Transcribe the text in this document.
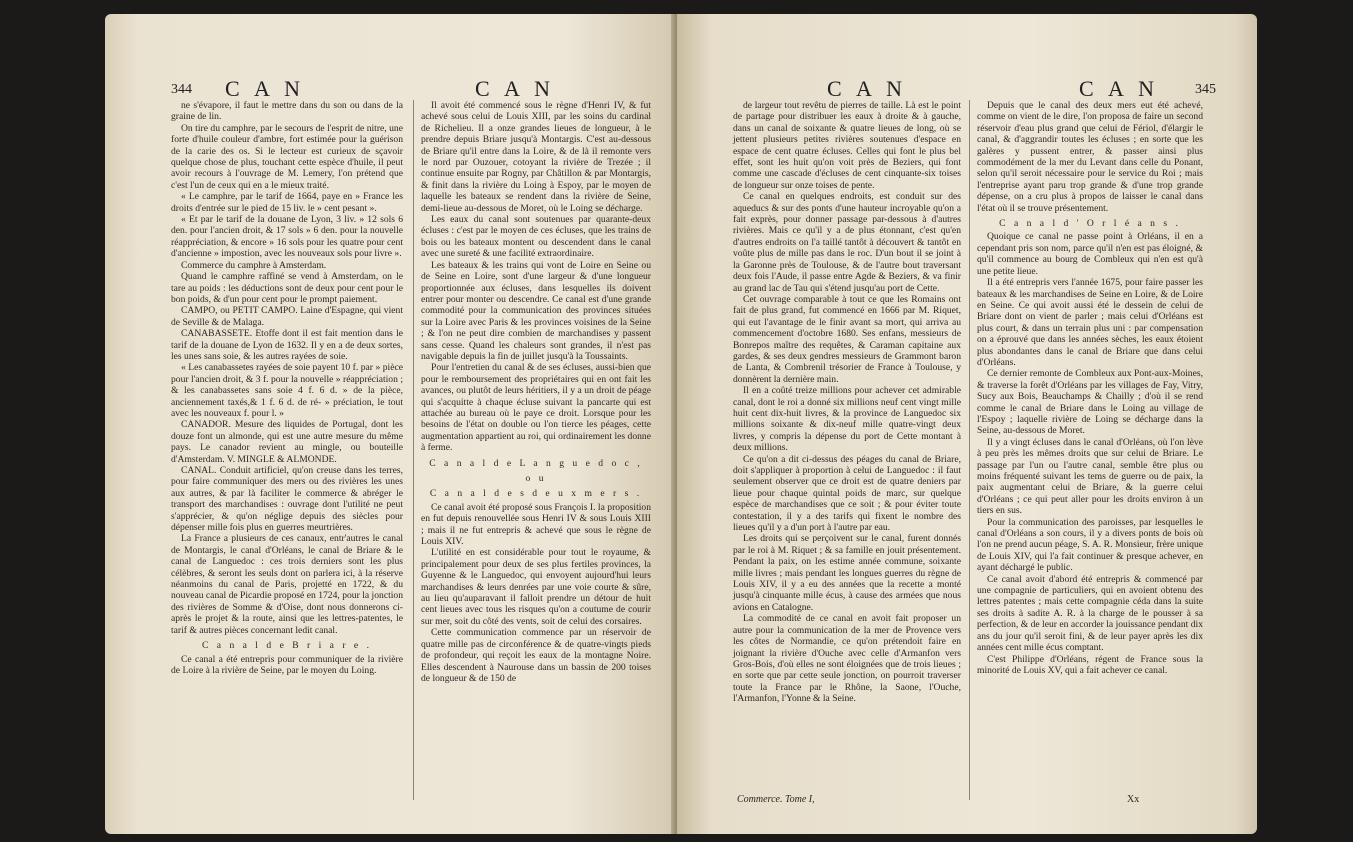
344 C A N	C A N

ne s'évapore, il faut le mettre dans du son ou dans de la graine de lin.

On tire du camphre, par le secours de l'esprit de nitre, une forte d'huile couleur d'ambre, fort estimée pour la guérison de la carie des os. Si le lecteur est curieux de sçavoir quelque chose de plus, touchant cette espèce d'huile, il peut avoir recours à l'ouvrage de M. Lemery, l'on prétend que c'est l'un de ceux qui en a le mieux traité.

« Le camphre, par le tarif de 1664, paye en » France les droits d'entrée sur le pied de 15 liv. le » cent pesant ».

« Et par le tarif de la douane de Lyon, 3 liv. » 12 sols 6 den. pour l'ancien droit, & 17 sols » 6 den. pour la nouvelle réappréciation, & encore » 16 sols pour les quatre pour cent d'ancienne » impostion, avec les nouveaux sols pour livre ».

Commerce du camphre à Amsterdam.

Quand le camphre raffiné se vend à Amsterdam, on le tare au poids : les déductions sont de deux pour cent pour le bon poids, & d'un pour cent pour le prompt paiement.

CAMPO, ou PETIT CAMPO. Laine d'Espagne, qui vient de Seville & de Malaga.

CANABASSETE. Etoffe dont il est fait mention dans le tarif de la douane de Lyon de 1632. Il y en a de deux sortes, les unes sans soie, & les autres rayées de soie.

« Les canabassetes rayées de soie payent 10 f. par » pièce pour l'ancien droit, & 3 f. pour la nouvelle » réappréciation ; & les canabassetes sans soie 4 f. 6 d. » de la pièce, anciennement taxés,& 1 f. 6 d. de ré- » préciation, le tout avec les nouveaux f. pour l. »

CANADOR. Mesure des liquides de Portugal, dont les douze font un almonde, qui est une autre mesure du même pays. Le canador revient au mingle, ou bouteille d'Amsterdam. V. MINGLE & ALMONDE.

CANAL. Conduit artificiel, qu'on creuse dans les terres, pour faire communiquer des mers ou des rivières les unes aux autres, & par là faciliter le commerce & abréger le transport des marchandises : ouvrage dont l'utilité ne peut s'apprécier, & qu'on néglige depuis des siècles pour dépenser mille fois plus en guerres meurtrières.

La France a plusieurs de ces canaux, entr'autres le canal de Montargis, le canal d'Orléans, le canal de Briare & le canal de Languedoc : ces trois derniers sont les plus célèbres, & seront les seuls dont on parlera ici, à la réserve néanmoins du canal de Paris, projetté en 1722, & du nouveau canal de Picardie proposé en 1724, pour la jonction des rivières de Somme & d'Oise, dont nous donnerons ci-après le projet & la route, ainsi que les lettres-patentes, le tarif & autres pièces concernant ledit canal.

C a n a l d e B r i a r e .

Ce canal a été entrepris pour communiquer de la rivière de Loire à la rivière de Seine, par le moyen du Loing.

Il avoit été commencé sous le règne d'Henri IV, & fut achevé sous celui de Louis XIII, par les soins du cardinal de Richelieu. Il a onze grandes lieues de longueur, à le prendre depuis Briare jusqu'à Montargis. C'est au-dessous de Briare qu'il entre dans la Loire, & de là il remonte vers le nord par Ouzouer, cotoyant la rivière de Trezée ; il continue ensuite par Rogny, par Châtillon & par Montargis, & finit dans la rivière du Loing à Espoy, par le moyen de laquelle les bateaux se rendent dans la rivière de Seine, demi-lieue au-dessous de Moret, où le Loing se décharge.

Les eaux du canal sont soutenues par quarante-deux écluses : c'est par le moyen de ces écluses, que les trains de bois ou les bateaux montent ou descendent dans le canal avec une sureté & une facilité extraordinaire.

Les bateaux & les trains qui vont de Loire en Seine ou de Seine en Loire, sont d'une largeur & d'une longueur proportionnée aux écluses, dans lesquelles ils doivent entrer pour monter ou descendre. Ce canal est d'une grande commodité pour la communication des provinces situées sur la Loire avec Paris & les provinces voisines de la Seine ; & l'on ne peut dire combien de marchandises y passent sans cesse. Quand les chaleurs sont grandes, il n'est pas navigable depuis la fin de juillet jusqu'à la Toussaints.

Pour l'entretien du canal & de ses écluses, aussi-bien que pour le remboursement des propriétaires qui en ont fait les avances, ou plutôt de leurs héritiers, il y a un droit de péage qui s'acquitte à chaque écluse suivant la pancarte qui est attachée au bureau où le paye ce droit. Lorsque pour les besoins de l'état on double ou l'on tierce les péages, cette augmentation appartient au roi, qui ordinairement les donne à ferme.

C a n a l d e L a n g u e d o c ,

o u

C a n a l d e s d e u x m e r s .

Ce canal avoit été proposé sous François I. la proposition en fut depuis renouvellée sous Henri IV & sous Louis XIII ; mais il ne fut entrepris & achevé que sous le règne de Louis XIV.

L'utilité en est considérable pour tout le royaume, & principalement pour deux de ses plus fertiles provinces, la Guyenne & le Languedoc, qui envoyent aujourd'hui leurs marchandises & leurs denrées par une voie courte & sûre, au lieu qu'auparavant il falloit prendre un détour de huit cent lieues avec tous les risques qu'on a coutume de courir sur mer, soit du côté des vents, soit de celui des corsaires.

Cette communication commence par un réservoir de quatre mille pas de circonférence & de quatre-vingts pieds de profondeur, qui reçoit les eaux de la montagne Noire. Elles descendent à Naurouse dans un bassin de 200 toises de longueur & de 150 de

C A N	C A N	345

de largeur tout revêtu de pierres de taille. Là est le point de partage pour distribuer les eaux à droite & à gauche, dans un canal de soixante & quatre lieues de long, où se jettent plusieurs petites rivières soutenues d'espace en espace de cent quatre écluses. Celles qui font le plus bel effet, sont les huit qu'on voit près de Beziers, qui font comme une cascade d'écluses de cent cinquante-six toises de longueur sur onze toises de pente.

Ce canal en quelques endroits, est conduit sur des aqueducs & sur des ponts d'une hauteur incroyable qu'on a fait exprès, pour donner passage par-dessous à d'autres rivières. Mais ce qu'il y a de plus étonnant, c'est qu'en d'autres endroits on l'a taillé tantôt à découvert & tantôt en voûte plus de mille pas dans le roc. D'un bout il se joint à la Garonne près de Toulouse, & de l'autre bout traversant deux fois l'Aude, il passe entre Agde & Beziers, & va finir au grand lac de Tau qui s'étend jusqu'au port de Cette.

Cet ouvrage comparable à tout ce que les Romains ont fait de plus grand, fut commencé en 1666 par M. Riquet, qui eut l'avantage de le finir avant sa mort, qui arriva au commencement d'octobre 1680. Ses enfans, messieurs de Bonrepos maître des requêtes, & Caraman capitaine aux gardes, & ses deux gendres messieurs de Grammont baron de Lanta, & Combrenil trésorier de France à Toulouse, y donnèrent la dernière main.

Il en a coûté treize millions pour achever cet admirable canal, dont le roi a donné six millions neuf cent vingt mille huit cent dix-huit livres, & la province de Languedoc six millions soixante & dix-neuf mille quatre-vingt deux livres, y compris la dépense du port de Cette montant à deux millions.

Ce qu'on a dit ci-dessus des péages du canal de Briare, doit s'appliquer à proportion à celui de Languedoc : il faut seulement observer que ce droit est de quatre deniers par lieue pour chaque quintal poids de marc, sur quelque espèce de marchandises que ce soit ; & pour éviter toute contestation, il y a des tarifs qui fixent le nombre des lieues qu'il y a d'un port à l'autre par eau.

Les droits qui se perçoivent sur le canal, furent donnés par le roi à M. Riquet ; & sa famille en jouit présentement. Pendant la paix, on les estime année commune, soixante mille livres ; mais pendant les longues guerres du règne de Louis XIV, il y a eu des années que la recette a monté jusqu'à cinquante mille écus, à cause des armées que nous avions en Catalogne.

La commodité de ce canal en avoit fait proposer un autre pour la communication de la mer de Provence vers les côtes de Normandie, ce qu'on prétendoit faire en joignant la rivière d'Ouche avec celle d'Armanfon vers Gros-Bois, d'où elles ne sont éloignées que de trois lieues ; en sorte que par cette seule jonction, on pourroit traverser toute la France par le Rhône, la Saone, l'Ouche, l'Armanfon, l'Yonne & la Seine.

Commerce. Tome I,

Depuis que le canal des deux mers eut été achevé, comme on vient de le dire, l'on proposa de faire un second réservoir d'eau plus grand que celui de Fériol, d'élargir le canal, & d'aggrandir toutes les écluses ; en sorte que les galères y pussent entrer, & passer ainsi plus commodément de la mer du Levant dans celle du Ponant, selon qu'il seroit nécessaire pour le service du Roi ; mais l'entreprise ayant paru trop grande & d'une trop grande dépense, on a cru plus à propos de laisser le canal dans l'état où il se trouve présentement.

C a n a l d ' O r l é a n s .

Quoique ce canal ne passe point à Orléans, il en a cependant pris son nom, parce qu'il n'en est pas éloigné, & qu'il commence au bourg de Combleux qui n'en est qu'à une petite lieue.

Il a été entrepris vers l'année 1675, pour faire passer les bateaux & les marchandises de Seine en Loire, & de Loire en Seine. Ce qui avoit aussi été le dessein de celui de Briare dont on vient de parler ; mais celui d'Orléans est plus court, & dans un terrain plus uni : par compensation on a éprouvé que dans les années sèches, les eaux étoient plus abondantes dans le canal de Briare que dans celui d'Orléans.

Ce dernier remonte de Combleux aux Pont-aux-Moines, & traverse la forêt d'Orléans par les villages de Fay, Vitry, Sucy aux Bois, Beauchamps & Chailly ; d'où il se rend comme le canal de Briare dans le Loing au village de l'Espoy ; laquelle rivière de Loing se décharge dans la Seine, au-dessous de Moret.

Il y a vingt écluses dans le canal d'Orléans, où l'on lève à peu près les mêmes droits que sur celui de Briare. Le passage par l'un ou l'autre canal, semble être plus ou moins fréquenté suivant les tems de guerre ou de paix, la paix augmentant celui de Briare, & la guerre celui d'Orléans ; ce qui peut aller pour les droits environ à un tiers en sus.

Pour la communication des paroisses, par lesquelles le canal d'Orléans a son cours, il y a divers ponts de bois où l'on ne prend aucun péage, S. A. R. Monsieur, frère unique de Louis XIV, qui l'a fait continuer & presque achever, en ayant déchargé le public.

Ce canal avoit d'abord été entrepris & commencé par une compagnie de particuliers, qui en avoient obtenu des lettres patentes ; mais cette compagnie céda dans la suite ses droits à sadite A. R. à la charge de le pousser à sa perfection, & de leur en accorder la jouissance pendant dix ans du jour qu'il seroit fini, & de leur payer après les dix années cent mille écus comptant.

C'est Philippe d'Orléans, régent de France sous la minorité de Louis XV, qui a fait achever ce canal.

Xx
